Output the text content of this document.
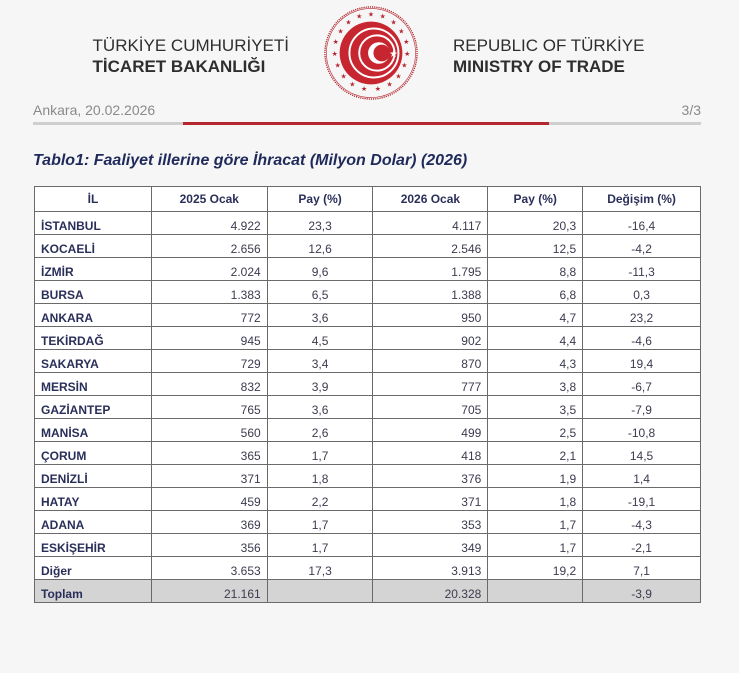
TÜRKİYE CUMHURİYETİ
TİCARET BAKANLIĞI
★ ★
★
★
★
★
★
★
★
★
★
★
★
★
★
★
★
★
★
★	REPUBLIC OF TÜRKİYE
MINISTRY OF TRADE
Ankara, 20.02.2026	3/3
Tablo1: Faaliyet illerine göre İhracat (Milyon Dolar) (2026)
İL	2025 Ocak	Pay (%)	2026 Ocak	Pay (%)	Değişim (%)
İSTANBUL	4.922	23,3	4.117	20,3	-16,4
KOCAELİ	2.656	12,6	2.546	12,5	-4,2
İZMİR	2.024	9,6	1.795	8,8	-11,3
BURSA	1.383	6,5	1.388	6,8	0,3
ANKARA	772	3,6	950	4,7	23,2
TEKİRDAĞ	945	4,5	902	4,4	-4,6
SAKARYA	729	3,4	870	4,3	19,4
MERSİN	832	3,9	777	3,8	-6,7
GAZİANTEP	765	3,6	705	3,5	-7,9
MANİSA	560	2,6	499	2,5	-10,8
ÇORUM	365	1,7	418	2,1	14,5
DENİZLİ	371	1,8	376	1,9	1,4
HATAY	459	2,2	371	1,8	-19,1
ADANA	369	1,7	353	1,7	-4,3
ESKİŞEHİR	356	1,7	349	1,7	-2,1
Diğer	3.653	17,3	3.913	19,2	7,1
Toplam	21.161		20.328		-3,9
